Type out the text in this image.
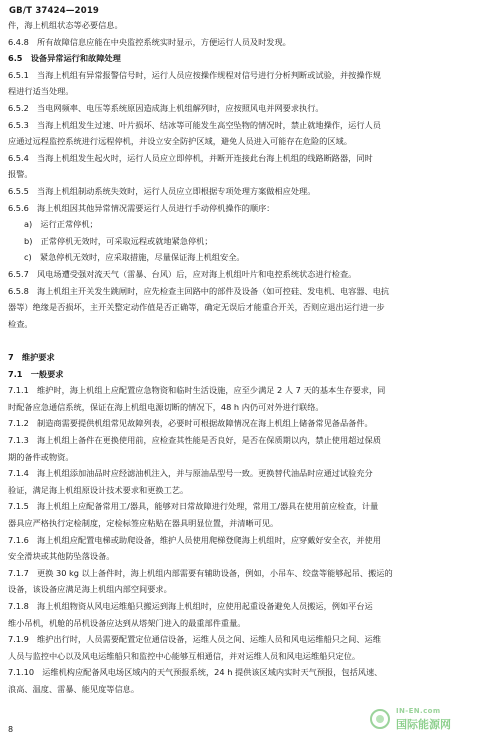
GB/T 37424—2019
件，海上机组状态等必要信息。
6.4.8　所有故障信息应能在中央监控系统实时显示，方便运行人员及时发现。
6.5　设备异常运行和故障处理
6.5.1　当海上机组有异常报警信号时，运行人员应按操作规程对信号进行分析判断或试验，并按操作规
程进行适当处理。
6.5.2　当电网频率、电压等系统原因造成海上机组解列时，应按照风电并网要求执行。
6.5.3　当海上机组发生过速、叶片损坏、结冰等可能发生高空坠物的情况时，禁止就地操作，运行人员
应通过远程监控系统进行远程停机，并设立安全防护区域，避免人员进入可能存在危险的区域。
6.5.4　当海上机组发生起火时，运行人员应立即停机，并断开连接此台海上机组的线路断路器，同时
报警。
6.5.5　当海上机组制动系统失效时，运行人员应立即根据专项处理方案做相应处理。
6.5.6　海上机组因其他异常情况需要运行人员进行手动停机操作的顺序：
a)　运行正常停机；
b)　正常停机无效时，可采取远程或就地紧急停机；
c)　紧急停机无效时，应采取措施，尽量保证海上机组安全。
6.5.7　风电场遭受强对流天气（雷暴、台风）后，应对海上机组叶片和电控系统状态进行检查。
6.5.8　海上机组主开关发生跳闸时，应先检查主回路中的部件及设备（如可控硅、发电机、电容器、电抗
器等）绝缘是否损坏，主开关整定动作值是否正确等，确定无误后才能重合开关，否则应退出运行进一步
检查。
7　维护要求
7.1　一般要求
7.1.1　维护时，海上机组上应配置应急物资和临时生活设施，应至少满足 2 人 7 天的基本生存要求，同
时配备应急通信系统，保证在海上机组电源切断的情况下，48 h 内仍可对外进行联络。
7.1.2　制造商需要提供机组常见故障列表，必要时可根据故障情况在海上机组上储备常见备品备件。
7.1.3　海上机组上备件在更换使用前，应检查其性能是否良好，是否在保质期以内，禁止使用超过保质
期的备件或物资。
7.1.4　海上机组添加油品时应经滤油机注入，并与原油品型号一致。更换替代油品时应通过试验充分
验证，满足海上机组原设计技术要求和更换工艺。
7.1.5　海上机组上应配备常用工/器具，能够对日常故障进行处理，常用工/器具在使用前应检查，计量
器具应严格执行定检制度，定检标签应粘贴在器具明显位置，并清晰可见。
7.1.6　海上机组应配置电梯或助爬设备，维护人员使用爬梯登爬海上机组时，应穿戴好安全衣，并使用
安全滑块或其他防坠落设备。
7.1.7　更换 30 kg 以上备件时，海上机组内部需要有辅助设备，例如，小吊车、绞盘等能够起吊、搬运的
设备，该设备应满足海上机组内部空间要求。
7.1.8　海上机组物资从风电运维船只搬运到海上机组时，应使用起重设备避免人员搬运，例如平台运
维小吊机，机舱的吊机设备应达到从塔架门进入的最重部件重量。
7.1.9　维护出行时，人员需要配置定位通信设备，运维人员之间、运维人员和风电运维船只之间、运维
人员与监控中心以及风电运维船只和监控中心能够互相通信，并对运维人员和风电运维船只定位。
7.1.10　运维机构应配备风电场区域内的天气预报系统，24 h 提供该区域内实时天气预报，包括风速、
浪高、温度、雷暴、能见度等信息。
8
IN-EN.com
国际能源网
